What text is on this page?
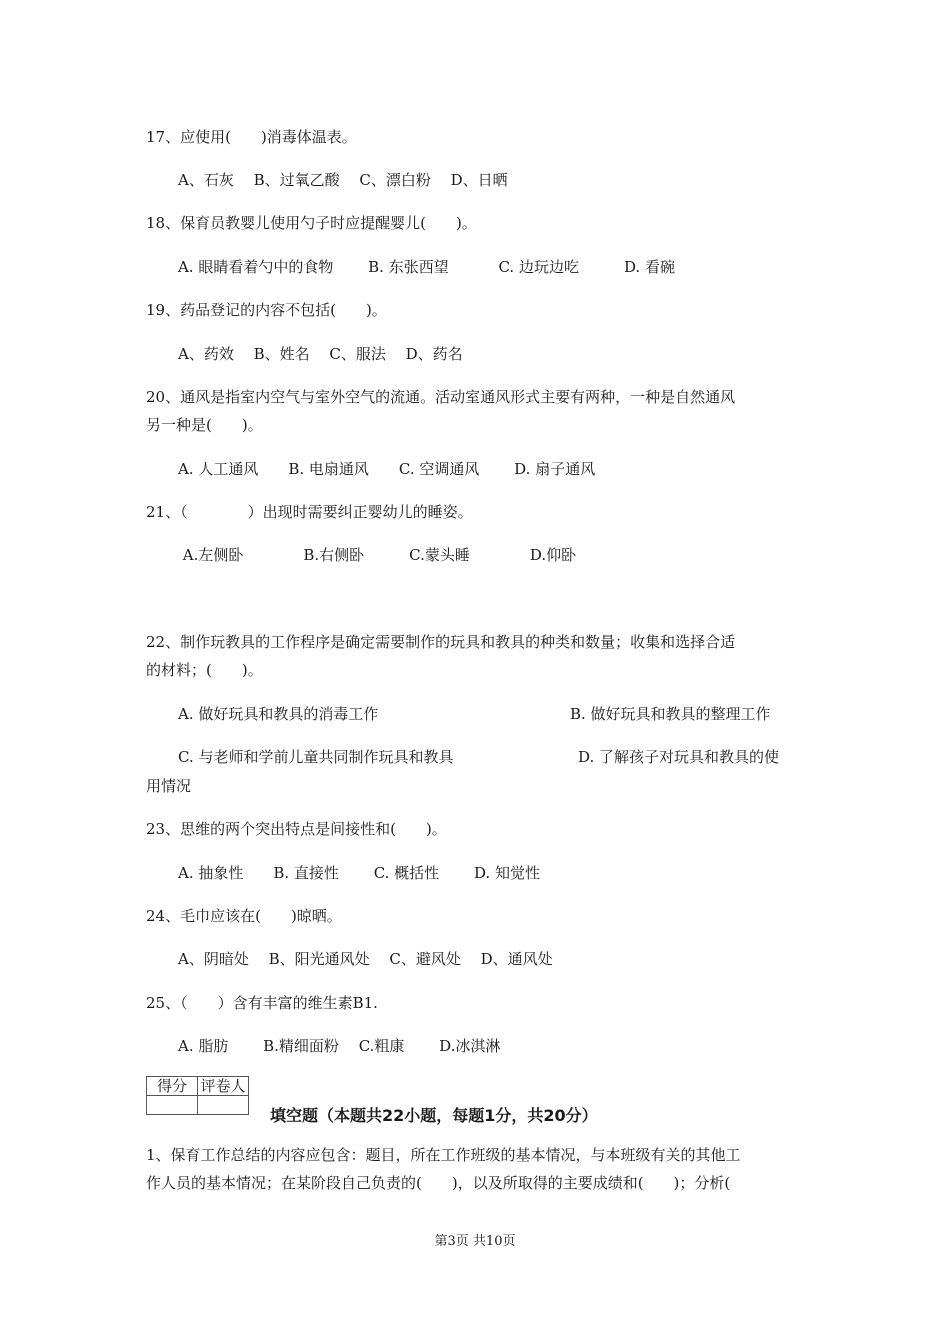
17、应使用(　　)消毒体温表。
A、石灰　 B、过氧乙酸　 C、漂白粉　 D、日晒
18、保育员教婴儿使用勺子时应提醒婴儿(　　)。
A. 眼睛看着勺中的食物　　 B. 东张西望　　　 C. 边玩边吃　　　D. 看碗
19、药品登记的内容不包括(　　)。
A、药效　 B、姓名　 C、服法　 D、药名
20、通风是指室内空气与室外空气的流通。活动室通风形式主要有两种，一种是自然通风
另一种是(　　)。
A. 人工通风　　B. 电扇通风　　C. 空调通风　　 D. 扇子通风
21、（　　　　）出现时需要纠正婴幼儿的睡姿。
A.左侧卧　　　　B.右侧卧　　　C.蒙头睡　　　　D.仰卧
22、制作玩教具的工作程序是确定需要制作的玩具和教具的种类和数量；收集和选择合适
的材料；(　　)。
A. 做好玩具和教具的消毒工作	B. 做好玩具和教具的整理工作
C. 与老师和学前儿童共同制作玩具和教具	D. 了解孩子对玩具和教具的使
用情况
23、思维的两个突出特点是间接性和(　　)。
A. 抽象性　　B. 直接性　　 C. 概括性　　 D. 知觉性
24、毛巾应该在(　　)晾晒。
A、阴暗处　 B、阳光通风处　 C、避风处　 D、通风处
25、（　　）含有丰富的维生素B1.
A. 脂肪　　 B.精细面粉　 C.粗康　　 D.冰淇淋
得分	评卷人

填空题（本题共22小题，每题1分，共20分）
1、保育工作总结的内容应包含：题目，所在工作班级的基本情况，与本班级有关的其他工
作人员的基本情况；在某阶段自己负责的(　　)，以及所取得的主要成绩和(　　)；分析(
第3页 共10页
